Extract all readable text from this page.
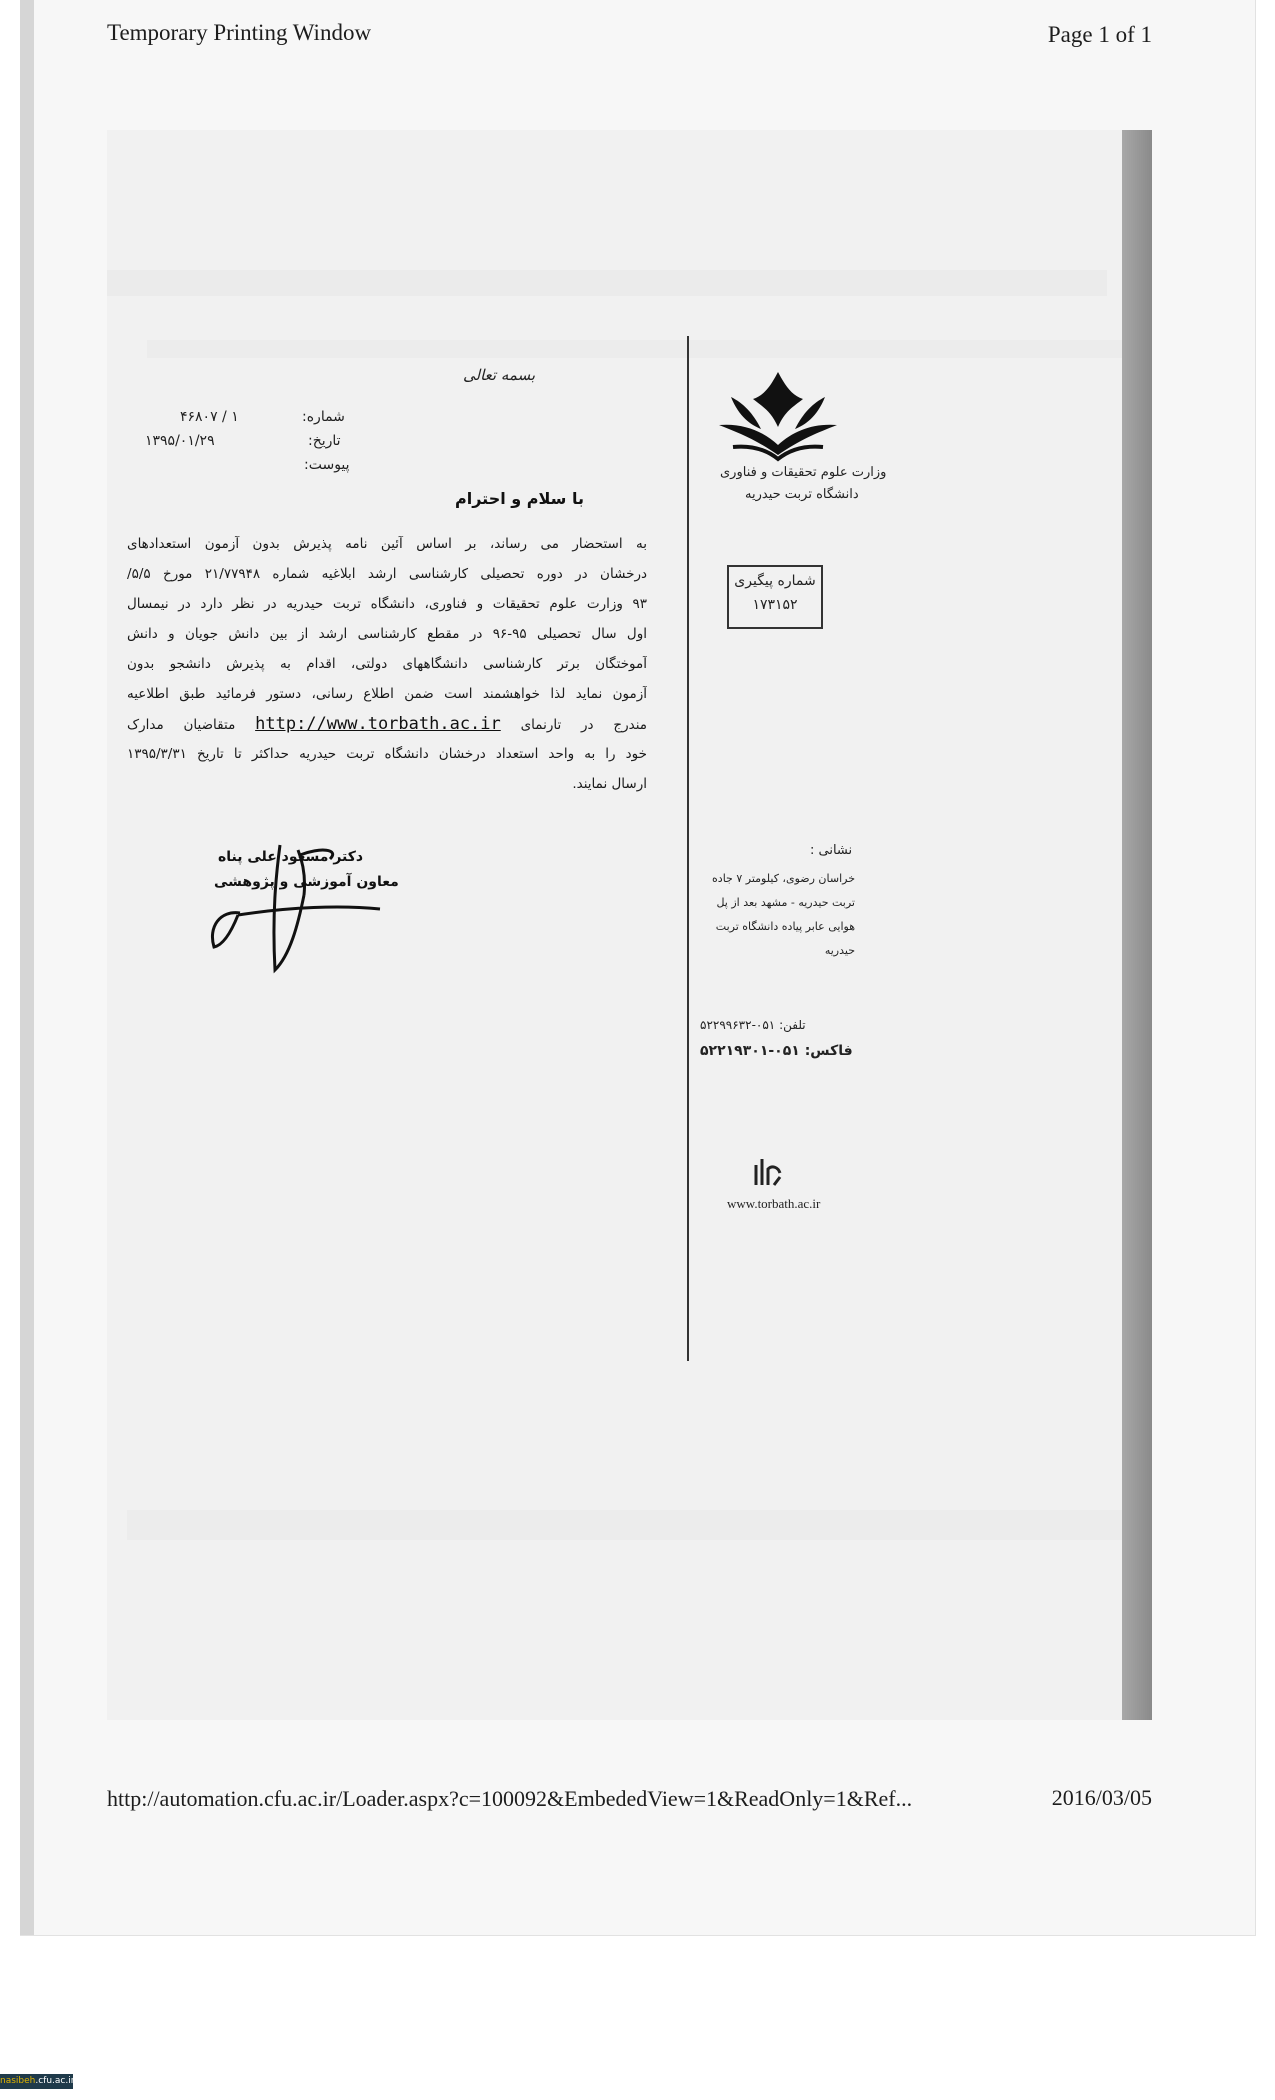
Temporary Printing Window	Page 1 of 1
وزارت علوم تحقیقات و فناوری
دانشگاه تربت حیدریه
شماره پیگیری
۱۷۳۱۵۲
نشانی :
خراسان رضوی، کیلومتر ۷ جاده تربت حیدریه - مشهد بعد از پل هوایی عابر پیاده دانشگاه تربت حیدریه
تلفن: ۰۵۱-۵۲۲۹۹۶۳۲
فاکس: ۰۵۱-۵۲۲۱۹۳۰۱
www.torbath.ac.ir
بسمه تعالی
شماره:
۱ / ۴۶۸۰۷
تاریخ:
۱۳۹۵/۰۱/۲۹
پیوست:
با سلام و احترام
به استحضار می رساند، بر اساس آئین نامه پذیرش بدون آزمون استعدادهای
درخشان در دوره تحصیلی کارشناسی ارشد ابلاغیه شماره ۲۱/۷۷۹۴۸ مورخ ۵/۵/
۹۳ وزارت علوم تحقیقات و فناوری، دانشگاه تربت حیدریه در نظر دارد در نیمسال
اول سال تحصیلی ۹۵-۹۶ در مقطع کارشناسی ارشد از بین دانش جویان و دانش
آموختگان برتر کارشناسی دانشگاههای دولتی، اقدام به پذیرش دانشجو بدون
آزمون نماید لذا خواهشمند است ضمن اطلاع رسانی، دستور فرمائید طبق اطلاعیه
مندرج در تارنمای http://www.torbath.ac.ir متقاضیان مدارک
خود را به واحد استعداد درخشان دانشگاه تربت حیدریه حداکثر تا تاریخ ۱۳۹۵/۳/۳۱
ارسال نمایند.
دکتر مسعود علی پناه
معاون آموزشی و پژوهشی
http://automation.cfu.ac.ir/Loader.aspx?c=100092&EmbededView=1&ReadOnly=1&Ref...	2016/03/05
nasibeh.cfu.ac.ir
